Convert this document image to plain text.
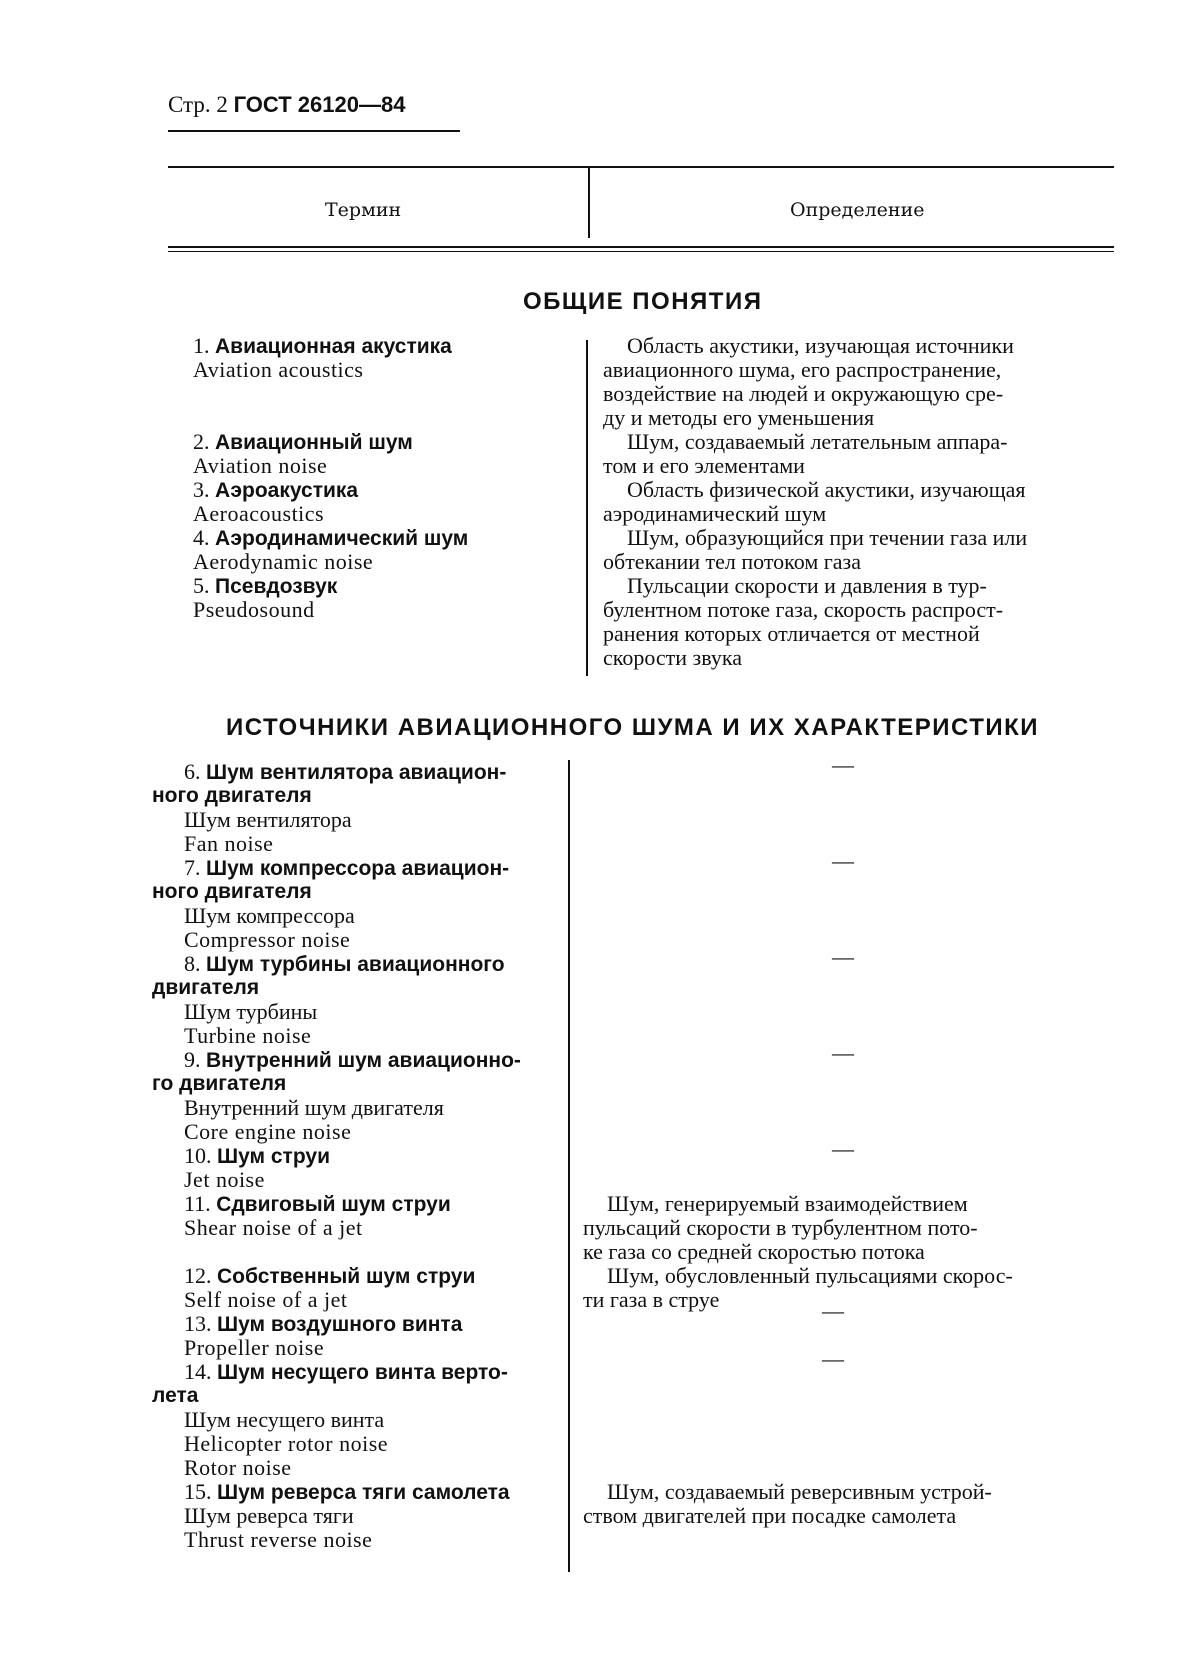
Стр. 2 ГОСТ 26120—84
Термин	Определение
ОБЩИЕ ПОНЯТИЯ
1. Авиационная акустика
Aviation acoustics
2. Авиационный шум
Aviation noise
3. Аэроакустика
Aeroacoustics
4. Аэродинамический шум
Aerodynamic noise
5. Псевдозвук
Pseudosound
Область акустики, изучающая источники
авиационного шума, его распространение,
воздействие на людей и окружающую сре-
ду и методы его уменьшения
Шум, создаваемый летательным аппара-
том и его элементами
Область физической акустики, изучающая
аэродинамический шум
Шум, образующийся при течении газа или
обтекании тел потоком газа
Пульсации скорости и давления в тур-
булентном потоке газа, скорость распрост-
ранения которых отличается от местной
скорости звука
ИСТОЧНИКИ АВИАЦИОННОГО ШУМА И ИХ ХАРАКТЕРИСТИКИ
6. Шум вентилятора авиацион-
ного двигателя
Шум вентилятора
Fan noise
7. Шум компрессора авиацион-
ного двигателя
Шум компрессора
Compressor noise
8. Шум турбины авиационного
двигателя
Шум турбины
Turbine noise
9. Внутренний шум авиационно-
го двигателя
Внутренний шум двигателя
Core engine noise
10. Шум струи
Jet noise
11. Сдвиговый шум струи
Shear noise of a jet
12. Собственный шум струи
Self noise of a jet
13. Шум воздушного винта
Propeller noise
14. Шум несущего винта верто-
лета
Шум несущего винта
Helicopter rotor noise
Rotor noise
15. Шум реверса тяги самолета
Шум реверса тяги
Thrust reverse noise
—
—
—
—
—
Шум, генерируемый взаимодействием
пульсаций скорости в турбулентном пото-
ке газа со средней скоростью потока
Шум, обусловленный пульсациями скорос-
ти газа в струе	—
—
Шум, создаваемый реверсивным устрой-
ством двигателей при посадке самолета
